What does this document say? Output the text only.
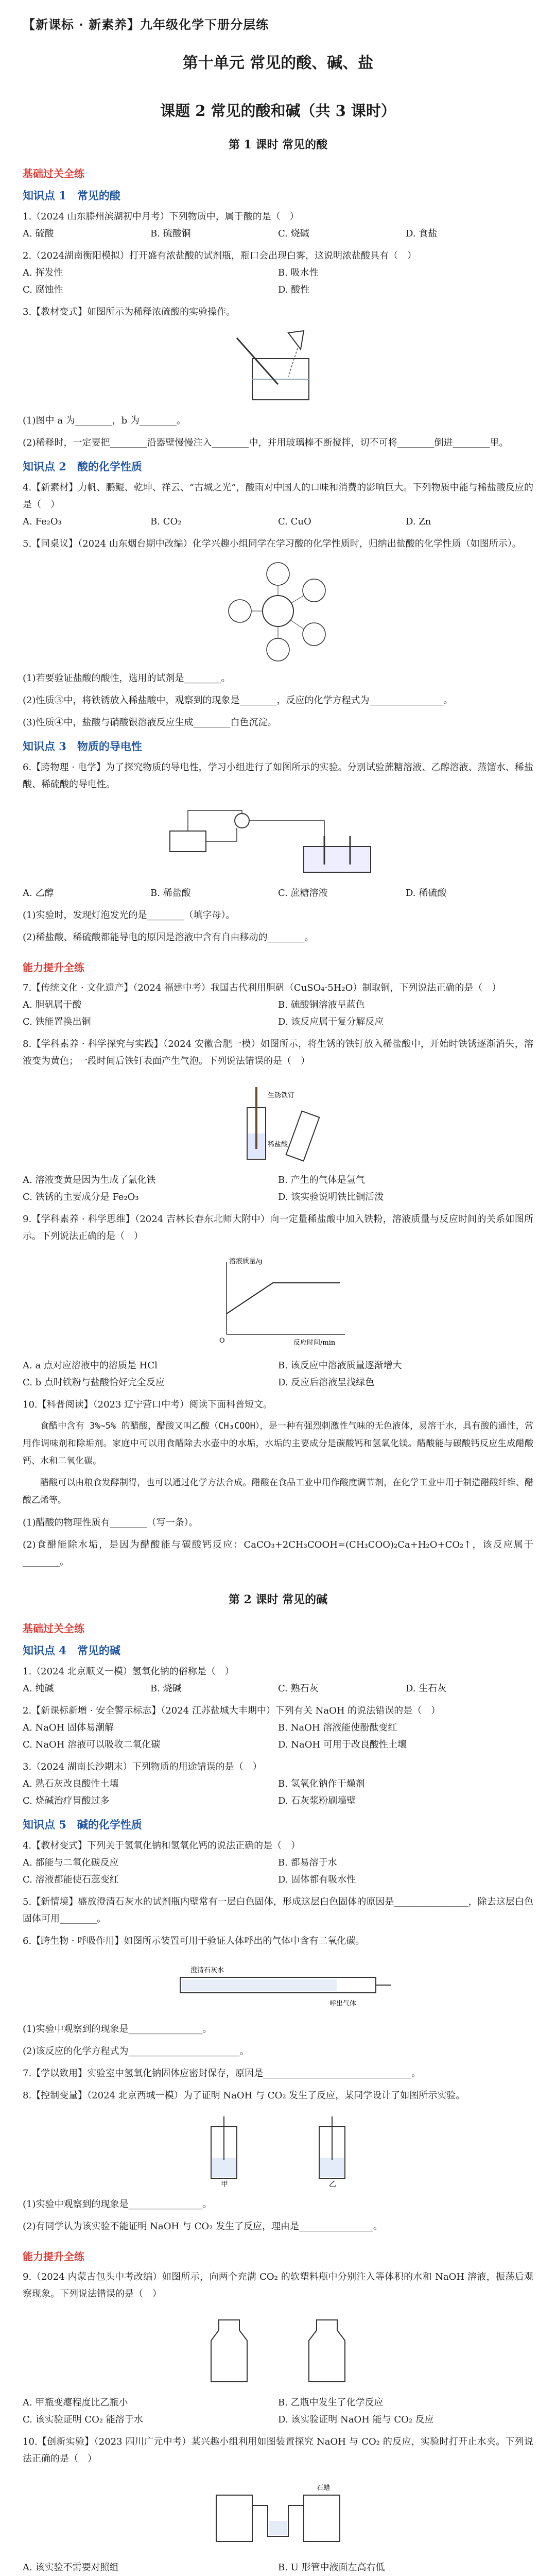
【新课标 · 新素养】九年级化学下册分层练
第十单元 常见的酸、碱、盐
课题 2 常见的酸和碱（共 3 课时）
第 1 课时 常见的酸
基础过关全练
知识点 1　常见的酸
1.（2024 山东滕州滨湖初中月考）下列物质中，属于酸的是（　）
A. 硫酸	B. 硫酸铜	C. 烧碱	D. 食盐
2.（2024湖南衡阳模拟）打开盛有浓盐酸的试剂瓶，瓶口会出现白雾，这说明浓盐酸具有（　）
A. 挥发性	B. 吸水性
C. 腐蚀性	D. 酸性
3.【教材变式】如图所示为稀释浓硫酸的实验操作。
(1)图中 a 为________，b 为________。
(2)稀释时，一定要把________沿器壁慢慢注入________中，并用玻璃棒不断搅拌，切不可将________倒进________里。
知识点 2　酸的化学性质
4.【新素材】力帆、鹏鲲、乾坤、祥云、“古城之光”，酸雨对中国人的口味和消费的影响巨大。下列物质中能与稀盐酸反应的是（　）
A. Fe₂O₃	B. CO₂	C. CuO	D. Zn
5.【同桌议】（2024 山东烟台期中改编）化学兴趣小组同学在学习酸的化学性质时，归纳出盐酸的化学性质（如图所示）。
(1)若要验证盐酸的酸性，选用的试剂是________。
(2)性质③中，将铁锈放入稀盐酸中，观察到的现象是________，反应的化学方程式为________________。
(3)性质④中，盐酸与硝酸银溶液反应生成________白色沉淀。
知识点 3　物质的导电性
6.【跨物理 · 电学】为了探究物质的导电性，学习小组进行了如图所示的实验。分别试验蔗糖溶液、乙醇溶液、蒸馏水、稀盐酸、稀硫酸的导电性。
A. 乙醇	B. 稀盐酸	C. 蔗糖溶液	D. 稀硫酸
(1)实验时，发现灯泡发光的是________（填字母）。
(2)稀盐酸、稀硫酸都能导电的原因是溶液中含有自由移动的________。
能力提升全练
7.【传统文化 · 文化遗产】（2024 福建中考）我国古代利用胆矾（CuSO₄·5H₂O）制取铜，下列说法正确的是（　）
A. 胆矾属于酸	B. 硫酸铜溶液呈蓝色
C. 铁能置换出铜	D. 该反应属于复分解反应
8.【学科素养 · 科学探究与实践】（2024 安徽合肥一模）如图所示，将生锈的铁钉放入稀盐酸中，开始时铁锈逐渐消失，溶液变为黄色；一段时间后铁钉表面产生气泡。下列说法错误的是（　）
生锈铁钉
稀盐酸
A. 溶液变黄是因为生成了氯化铁	B. 产生的气体是氢气
C. 铁锈的主要成分是 Fe₂O₃	D. 该实验说明铁比铜活泼
9.【学科素养 · 科学思维】（2024 吉林长春东北师大附中）向一定量稀盐酸中加入铁粉，溶液质量与反应时间的关系如图所示。下列说法正确的是（　）
溶液质量/g
反应时间/min
O
A. a 点对应溶液中的溶质是 HCl	B. 该反应中溶液质量逐渐增大
C. b 点时铁粉与盐酸恰好完全反应	D. 反应后溶液呈浅绿色
10.【科普阅读】（2023 辽宁营口中考）阅读下面科普短文。
食醋中含有 3%~5% 的醋酸，醋酸又叫乙酸（CH₃COOH），是一种有强烈刺激性气味的无色液体，易溶于水，具有酸的通性，常用作调味剂和除垢剂。家庭中可以用食醋除去水壶中的水垢，水垢的主要成分是碳酸钙和氢氧化镁。醋酸能与碳酸钙反应生成醋酸钙、水和二氧化碳。
醋酸可以由粮食发酵制得，也可以通过化学方法合成。醋酸在食品工业中用作酸度调节剂，在化学工业中用于制造醋酸纤维、醋酸乙烯等。
(1)醋酸的物理性质有________（写一条）。
(2)食醋能除水垢，是因为醋酸能与碳酸钙反应：CaCO₃+2CH₃COOH=(CH₃COO)₂Ca+H₂O+CO₂↑，该反应属于________。
第 2 课时 常见的碱
基础过关全练
知识点 4　常见的碱
1.（2024 北京顺义一模）氢氧化钠的俗称是（　）
A. 纯碱	B. 烧碱	C. 熟石灰	D. 生石灰
2.【新课标新增 · 安全警示标志】（2024 江苏盐城大丰期中）下列有关 NaOH 的说法错误的是（　）
A. NaOH 固体易潮解	B. NaOH 溶液能使酚酞变红
C. NaOH 溶液可以吸收二氧化碳	D. NaOH 可用于改良酸性土壤
3.（2024 湖南长沙期末）下列物质的用途错误的是（　）
A. 熟石灰改良酸性土壤	B. 氢氧化钠作干燥剂
C. 烧碱治疗胃酸过多	D. 石灰浆粉刷墙壁
知识点 5　碱的化学性质
4.【教材变式】下列关于氢氧化钠和氢氧化钙的说法正确的是（　）
A. 都能与二氧化碳反应	B. 都易溶于水
C. 溶液都能使石蕊变红	D. 固体都有吸水性
5.【新情境】盛放澄清石灰水的试剂瓶内壁常有一层白色固体，形成这层白色固体的原因是________________，除去这层白色固体可用________。
6.【跨生物 · 呼吸作用】如图所示装置可用于验证人体呼出的气体中含有二氧化碳。
澄清石灰水
呼出气体
(1)实验中观察到的现象是________________。
(2)该反应的化学方程式为________________________。
7.【学以致用】实验室中氢氧化钠固体应密封保存，原因是________________________________。
8.【控制变量】（2024 北京西城一模）为了证明 NaOH 与 CO₂ 发生了反应，某同学设计了如图所示实验。
甲	乙
(1)实验中观察到的现象是________________。
(2)有同学认为该实验不能证明 NaOH 与 CO₂ 发生了反应，理由是________________。
能力提升全练
9.（2024 内蒙古包头中考改编）如图所示，向两个充满 CO₂ 的软塑料瓶中分别注入等体积的水和 NaOH 溶液，振荡后观察现象。下列说法错误的是（　）
A. 甲瓶变瘪程度比乙瓶小	B. 乙瓶中发生了化学反应
C. 该实验证明 CO₂ 能溶于水	D. 该实验证明 NaOH 能与 CO₂ 反应
10.【创新实验】（2023 四川广元中考）某兴趣小组利用如图装置探究 NaOH 与 CO₂ 的反应，实验时打开止水夹。下列说法正确的是（　）
石蜡
A. 该实验不需要对照组	B. U 形管中液面左高右低
